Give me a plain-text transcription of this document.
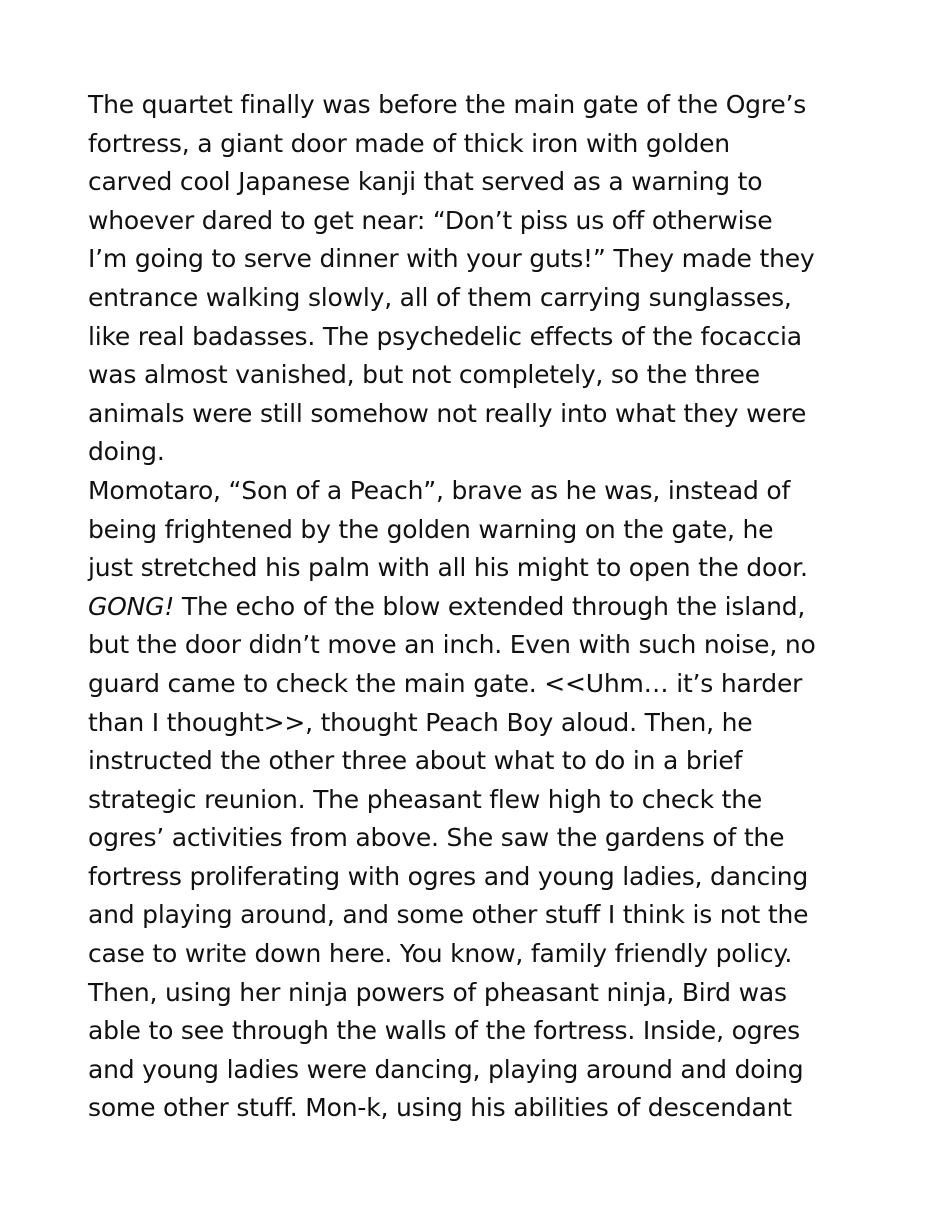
The quartet finally was before the main gate of the Ogre’s
fortress, a giant door made of thick iron with golden
carved cool Japanese kanji that served as a warning to
whoever dared to get near: “Don’t piss us off otherwise
I’m going to serve dinner with your guts!” They made they
entrance walking slowly, all of them carrying sunglasses,
like real badasses. The psychedelic effects of the focaccia
was almost vanished, but not completely, so the three
animals were still somehow not really into what they were
doing.
Momotaro, “Son of a Peach”, brave as he was, instead of
being frightened by the golden warning on the gate, he
just stretched his palm with all his might to open the door.
GONG! The echo of the blow extended through the island,
but the door didn’t move an inch. Even with such noise, no
guard came to check the main gate. <<Uhm… it’s harder
than I thought>>, thought Peach Boy aloud. Then, he
instructed the other three about what to do in a brief
strategic reunion. The pheasant flew high to check the
ogres’ activities from above. She saw the gardens of the
fortress proliferating with ogres and young ladies, dancing
and playing around, and some other stuff I think is not the
case to write down here. You know, family friendly policy.
Then, using her ninja powers of pheasant ninja, Bird was
able to see through the walls of the fortress. Inside, ogres
and young ladies were dancing, playing around and doing
some other stuff. Mon-k, using his abilities of descendant
